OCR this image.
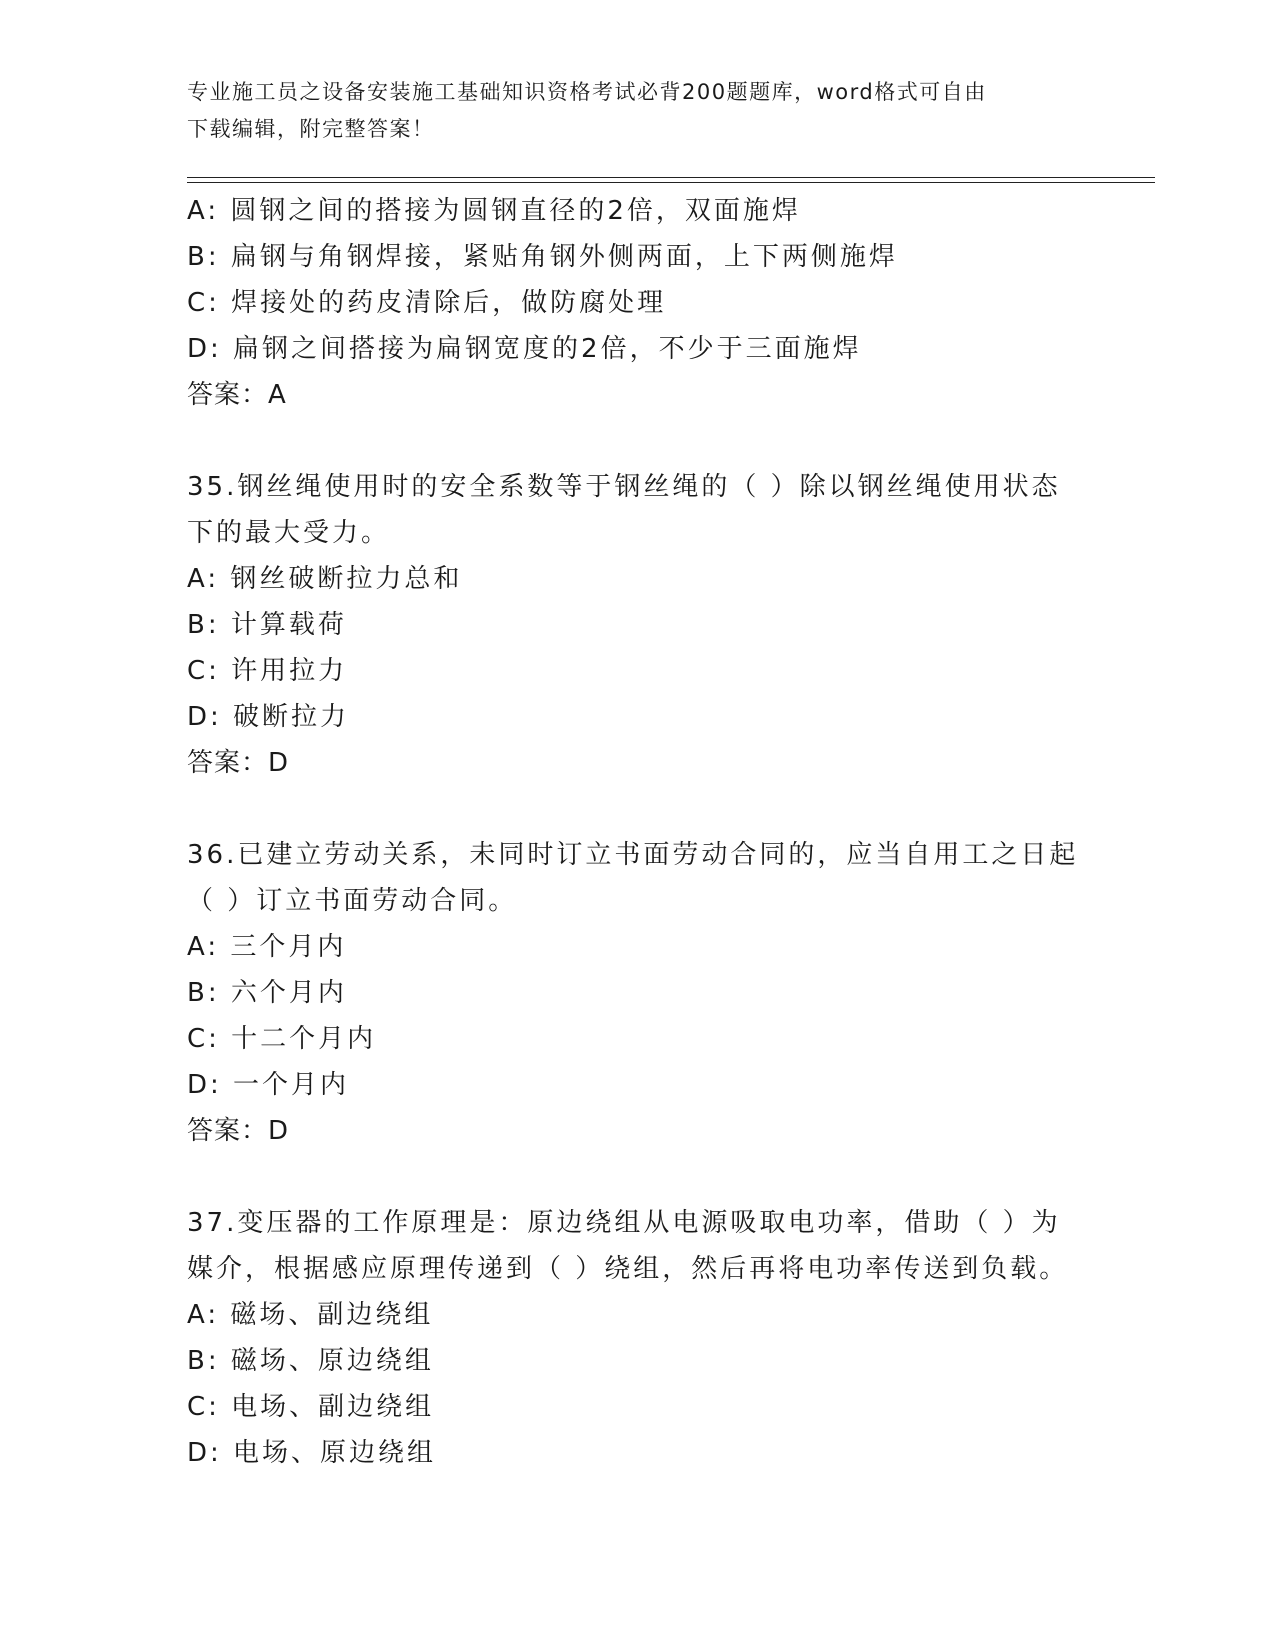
专业施工员之设备安装施工基础知识资格考试必背200题题库，word格式可自由
下载编辑，附完整答案！
A: 圆钢之间的搭接为圆钢直径的2倍，双面施焊
B: 扁钢与角钢焊接，紧贴角钢外侧两面，上下两侧施焊
C: 焊接处的药皮清除后，做防腐处理
D: 扁钢之间搭接为扁钢宽度的2倍，不少于三面施焊
答案：A
35.钢丝绳使用时的安全系数等于钢丝绳的（ ）除以钢丝绳使用状态
下的最大受力。
A: 钢丝破断拉力总和
B: 计算载荷
C: 许用拉力
D: 破断拉力
答案：D
36.已建立劳动关系，未同时订立书面劳动合同的，应当自用工之日起
（ ）订立书面劳动合同。
A: 三个月内
B: 六个月内
C: 十二个月内
D: 一个月内
答案：D
37.变压器的工作原理是：原边绕组从电源吸取电功率，借助（ ）为
媒介，根据感应原理传递到（ ）绕组，然后再将电功率传送到负载。
A: 磁场、副边绕组
B: 磁场、原边绕组
C: 电场、副边绕组
D: 电场、原边绕组
